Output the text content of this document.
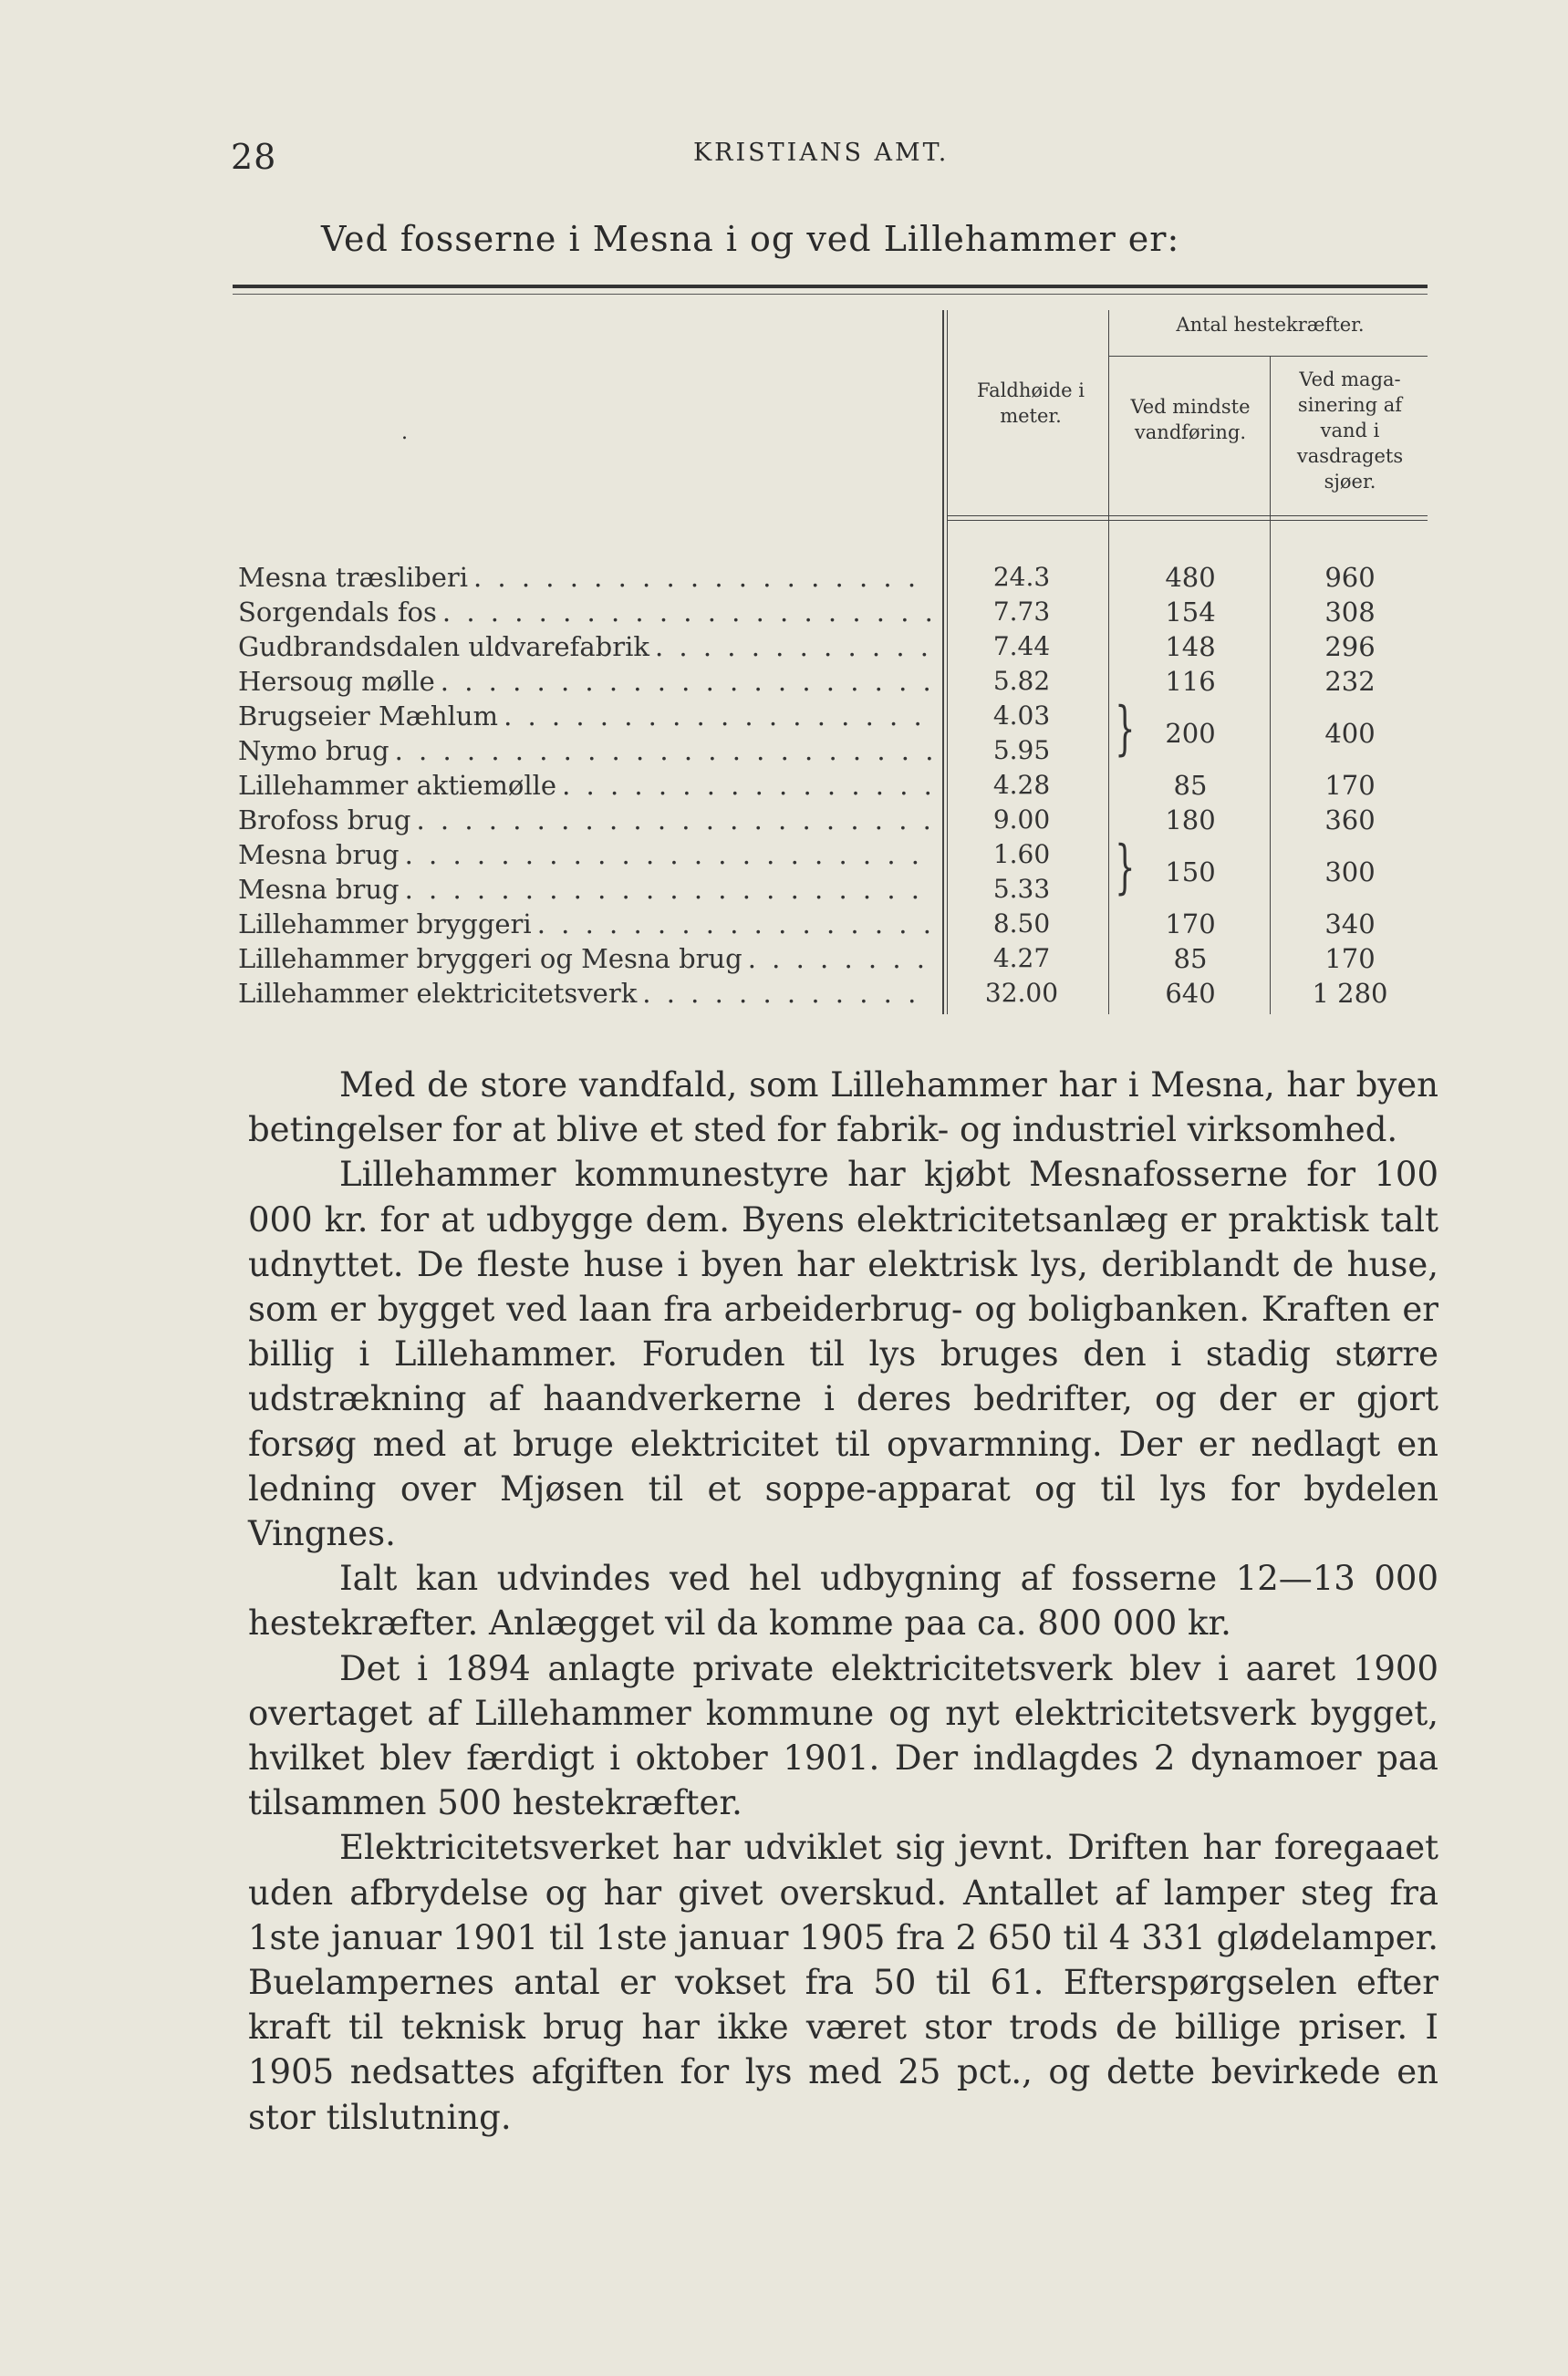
28	KRISTIANS AMT.
Ved fosserne i Mesna i og ved Lillehammer er:
.
Faldhøide i meter.
Antal hestekræfter.
Ved mindste vandføring.
Ved maga-sinering af vand i vasdragets sjøer.
Mesna træsliberi
. . .
Sorgendals fos
. . .
Gudbrandsdalen uldvarefabrik
. . .
Hersoug mølle
. . .
Brugseier Mæhlum
. . .
Nymo brug
. . .
Lillehammer aktiemølle
. . .
Brofoss brug
. . .
Mesna brug
. . .
Mesna brug
. . .
Lillehammer bryggeri
. . .
Lillehammer bryggeri og Mesna brug
. . .
Lillehammer elektricitetsverk
. . .
24.3
7.73
7.44
5.82
4.03
5.95
4.28
9.00
1.60
5.33
8.50
4.27
32.00
480
154
148
116
200
85
180
150
170
85
640
960
308
296
232
400
170
360
300
340
170
1 280
}
}

Med de store vandfald, som Lillehammer har i Mesna, har byen betingelser for at blive et sted for fabrik- og industriel virksomhed.

Lillehammer kommunestyre har kjøbt Mesnafosserne for 100 000 kr. for at udbygge dem. Byens elektricitetsanlæg er praktisk talt udnyttet. De fleste huse i byen har elektrisk lys, deriblandt de huse, som er bygget ved laan fra arbeiderbrug- og boligbanken. Kraften er billig i Lillehammer. Foruden til lys bruges den i stadig større udstrækning af haandverkerne i deres bedrifter, og der er gjort forsøg med at bruge elektricitet til opvarmning. Der er nedlagt en ledning over Mjøsen til et soppe-apparat og til lys for bydelen Vingnes.

Ialt kan udvindes ved hel udbygning af fosserne 12—13 000 hestekræfter. Anlægget vil da komme paa ca. 800 000 kr.

Det i 1894 anlagte private elektricitetsverk blev i aaret 1900 overtaget af Lillehammer kommune og nyt elektricitetsverk bygget, hvilket blev færdigt i oktober 1901. Der indlagdes 2 dynamoer paa tilsammen 500 hestekræfter.

Elektricitetsverket har udviklet sig jevnt. Driften har foregaaet uden afbrydelse og har givet overskud. Antallet af lamper steg fra 1ste januar 1901 til 1ste januar 1905 fra 2 650 til 4 331 glødelamper. Buelampernes antal er vokset fra 50 til 61. Efterspørgselen efter kraft til teknisk brug har ikke været stor trods de billige priser. I 1905 nedsattes afgiften for lys med 25 pct., og dette bevirkede en stor tilslutning.
